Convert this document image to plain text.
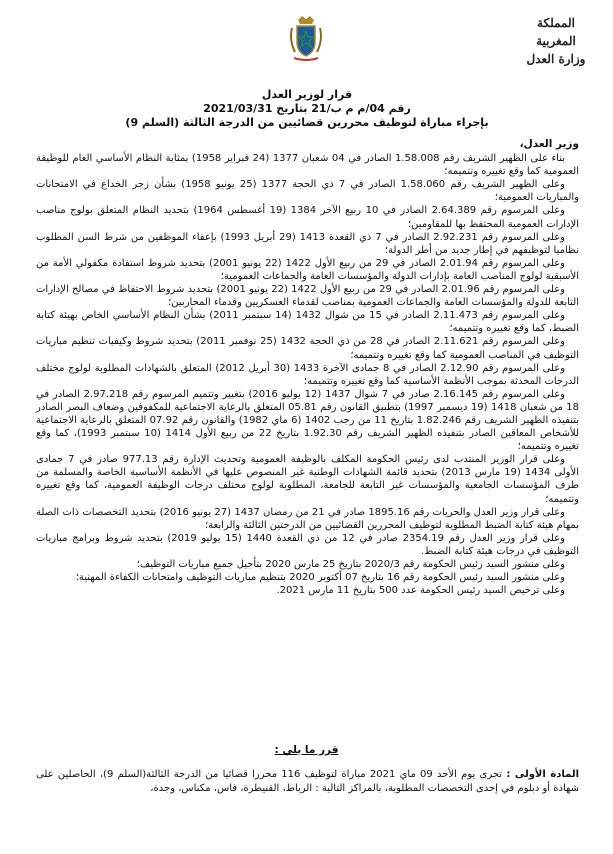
المملكة المغربية
وزارة العدل
قرار لوزير العدل
رقم 04/م م ب/21 بتاريخ 2021/03/31
بإجراء مباراة لتوظيف محررين قضائيين من الدرجة الثالثة (السلم 9)

وزير العدل،

بناء على الظهير الشريف رقم 1.58.008 الصادر في 04 شعبان 1377 (24 فبراير 1958) بمثابة النظام الأساسي العام للوظيفة العمومية كما وقع تغييره وتتميمه؛

وعلى الظهير الشريف رقم 1.58.060 الصادر في 7 ذي الحجة 1377 (25 يونيو 1958) بشأن زجر الخداع في الامتحانات والمباريات العمومية؛

وعلى المرسوم رقم 2.64.389 الصادر في 10 ربيع الآخر 1384 (19 أغسطس 1964) بتحديد النظام المتعلق بولوج مناصب الإدارات العمومية المحتفظ بها للمقاومين؛

وعلى المرسوم رقم 2.92.231 الصادر في 7 ذي القعدة 1413 (29 أبريل 1993) بإعفاء الموظفين من شرط السن المطلوب نظاميا لتوظيفهم في إطار جديد من أطر الدولة؛

وعلى المرسوم رقم 2.01.94 الصادر في 29 من ربيع الأول 1422 (22 يونيو 2001) بتحديد شروط استفادة مكفولي الأمة من الأسبقية لولوج المناصب العامة بإدارات الدولة والمؤسسات العامة والجماعات العمومية؛

وعلى المرسوم رقم 2.01.96 الصادر في 29 من ربيع الأول 1422 (22 يونيو 2001) بتحديد شروط الاحتفاظ في مصالح الإدارات التابعة للدولة والمؤسسات العامة والجماعات العمومية بمناصب لقدماء العسكريين وقدماء المحاربين؛

وعلى المرسوم رقم 2.11.473 الصادر في 15 من شوال 1432 (14 سبتمبر 2011) بشأن النظام الأساسي الخاص بهيئة كتابة الضبط، كما وقع تغييره وتتميمه؛

وعلى المرسوم رقم 2.11.621 الصادر في 28 من ذي الحجة 1432 (25 نوفمبر 2011) بتحديد شروط وكيفيات تنظيم مباريات التوظيف في المناصب العمومية كما وقع تغييره وتتميمه؛

وعلى المرسوم رقم 2.12.90 الصادر في 8 جمادى الآخرة 1433 (30 أبريل 2012) المتعلق بالشهادات المطلوبة لولوج مختلف الدرجات المحدثة بموجب الأنظمة الأساسية كما وقع تغييره وتتميمه؛

وعلى المرسوم رقم 2.16.145 صادر في 7 شوال 1437 (12 يوليو 2016) بتغيير وتتميم المرسوم رقم 2.97.218 الصادر في 18 من شعبان 1418 (19 ديسمبر 1997) بتطبيق القانون رقم 05.81 المتعلق بالرعاية الاجتماعية للمكفوفين وضعاف البصر الصادر بتنفيذه الظهير الشريف رقم 1.82.246 بتاريخ 11 من رجب 1402 (6 ماي 1982) والقانون رقم 07.92 المتعلق بالرعاية الاجتماعية للأشخاص المعاقين الصادر بتنفيذه الظهير الشريف رقم 1.92.30 بتاريخ 22 من ربيع الأول 1414 (10 سبتمبر 1993)، كما وقع تغييره وتتميمه؛

وعلى قرار الوزير المنتدب لدى رئيس الحكومة المكلف بالوظيفة العمومية وتحديث الإدارة رقم 977.13 صادر في 7 جمادى الأولى 1434 (19 مارس 2013) بتحديد قائمة الشهادات الوطنية غير المنصوص عليها في الأنظمة الأساسية الخاصة والمسلمة من طرف المؤسسات الجامعية والمؤسسات غير التابعة للجامعة، المطلوبة لولوج مختلف درجات الوظيفة العمومية، كما وقع تغييره وتتميمه؛

وعلى قرار وزير العدل والحريات رقم 1895.16 صادر في 21 من رمضان 1437 (27 يونيو 2016) بتحديد التخصصات ذات الصلة بمهام هيئة كتابة الضبط المطلوبة لتوظيف المحررين القضائيين من الدرجتين الثالثة والرابعة؛

وعلى قرار وزير العدل رقم 2354.19 صادر في 12 من ذي القعدة 1440 (15 يوليو 2019) بتحديد شروط وبرامج مباريات التوظيف في درجات هيئة كتابة الضبط.

وعلى منشور السيد رئيس الحكومة رقم 2020/3 بتاريخ 25 مارس 2020 بتأجيل جميع مباريات التوظيف؛

وعلى منشور السيد رئيس الحكومة رقم 16 بتاريخ 07 أكتوبر 2020 بتنظيم مباريات التوظيف وامتحانات الكفاءة المهنية؛

وعلى ترخيص السيد رئيس الحكومة عدد 500 بتاريخ 11 مارس 2021.

قرر ما يلي :
المادة الأولى : تجرى يوم الأحد 09 ماي 2021 مباراة لتوظيف 116 محررا قضائيا من الدرجة الثالثة(السلم 9)، الحاصلين على شهادة أو دبلوم في إحدى التخصصات المطلوبة، بالمراكز التالية : الرباط، القنيطرة، فاس، مكناس، وجدة،
